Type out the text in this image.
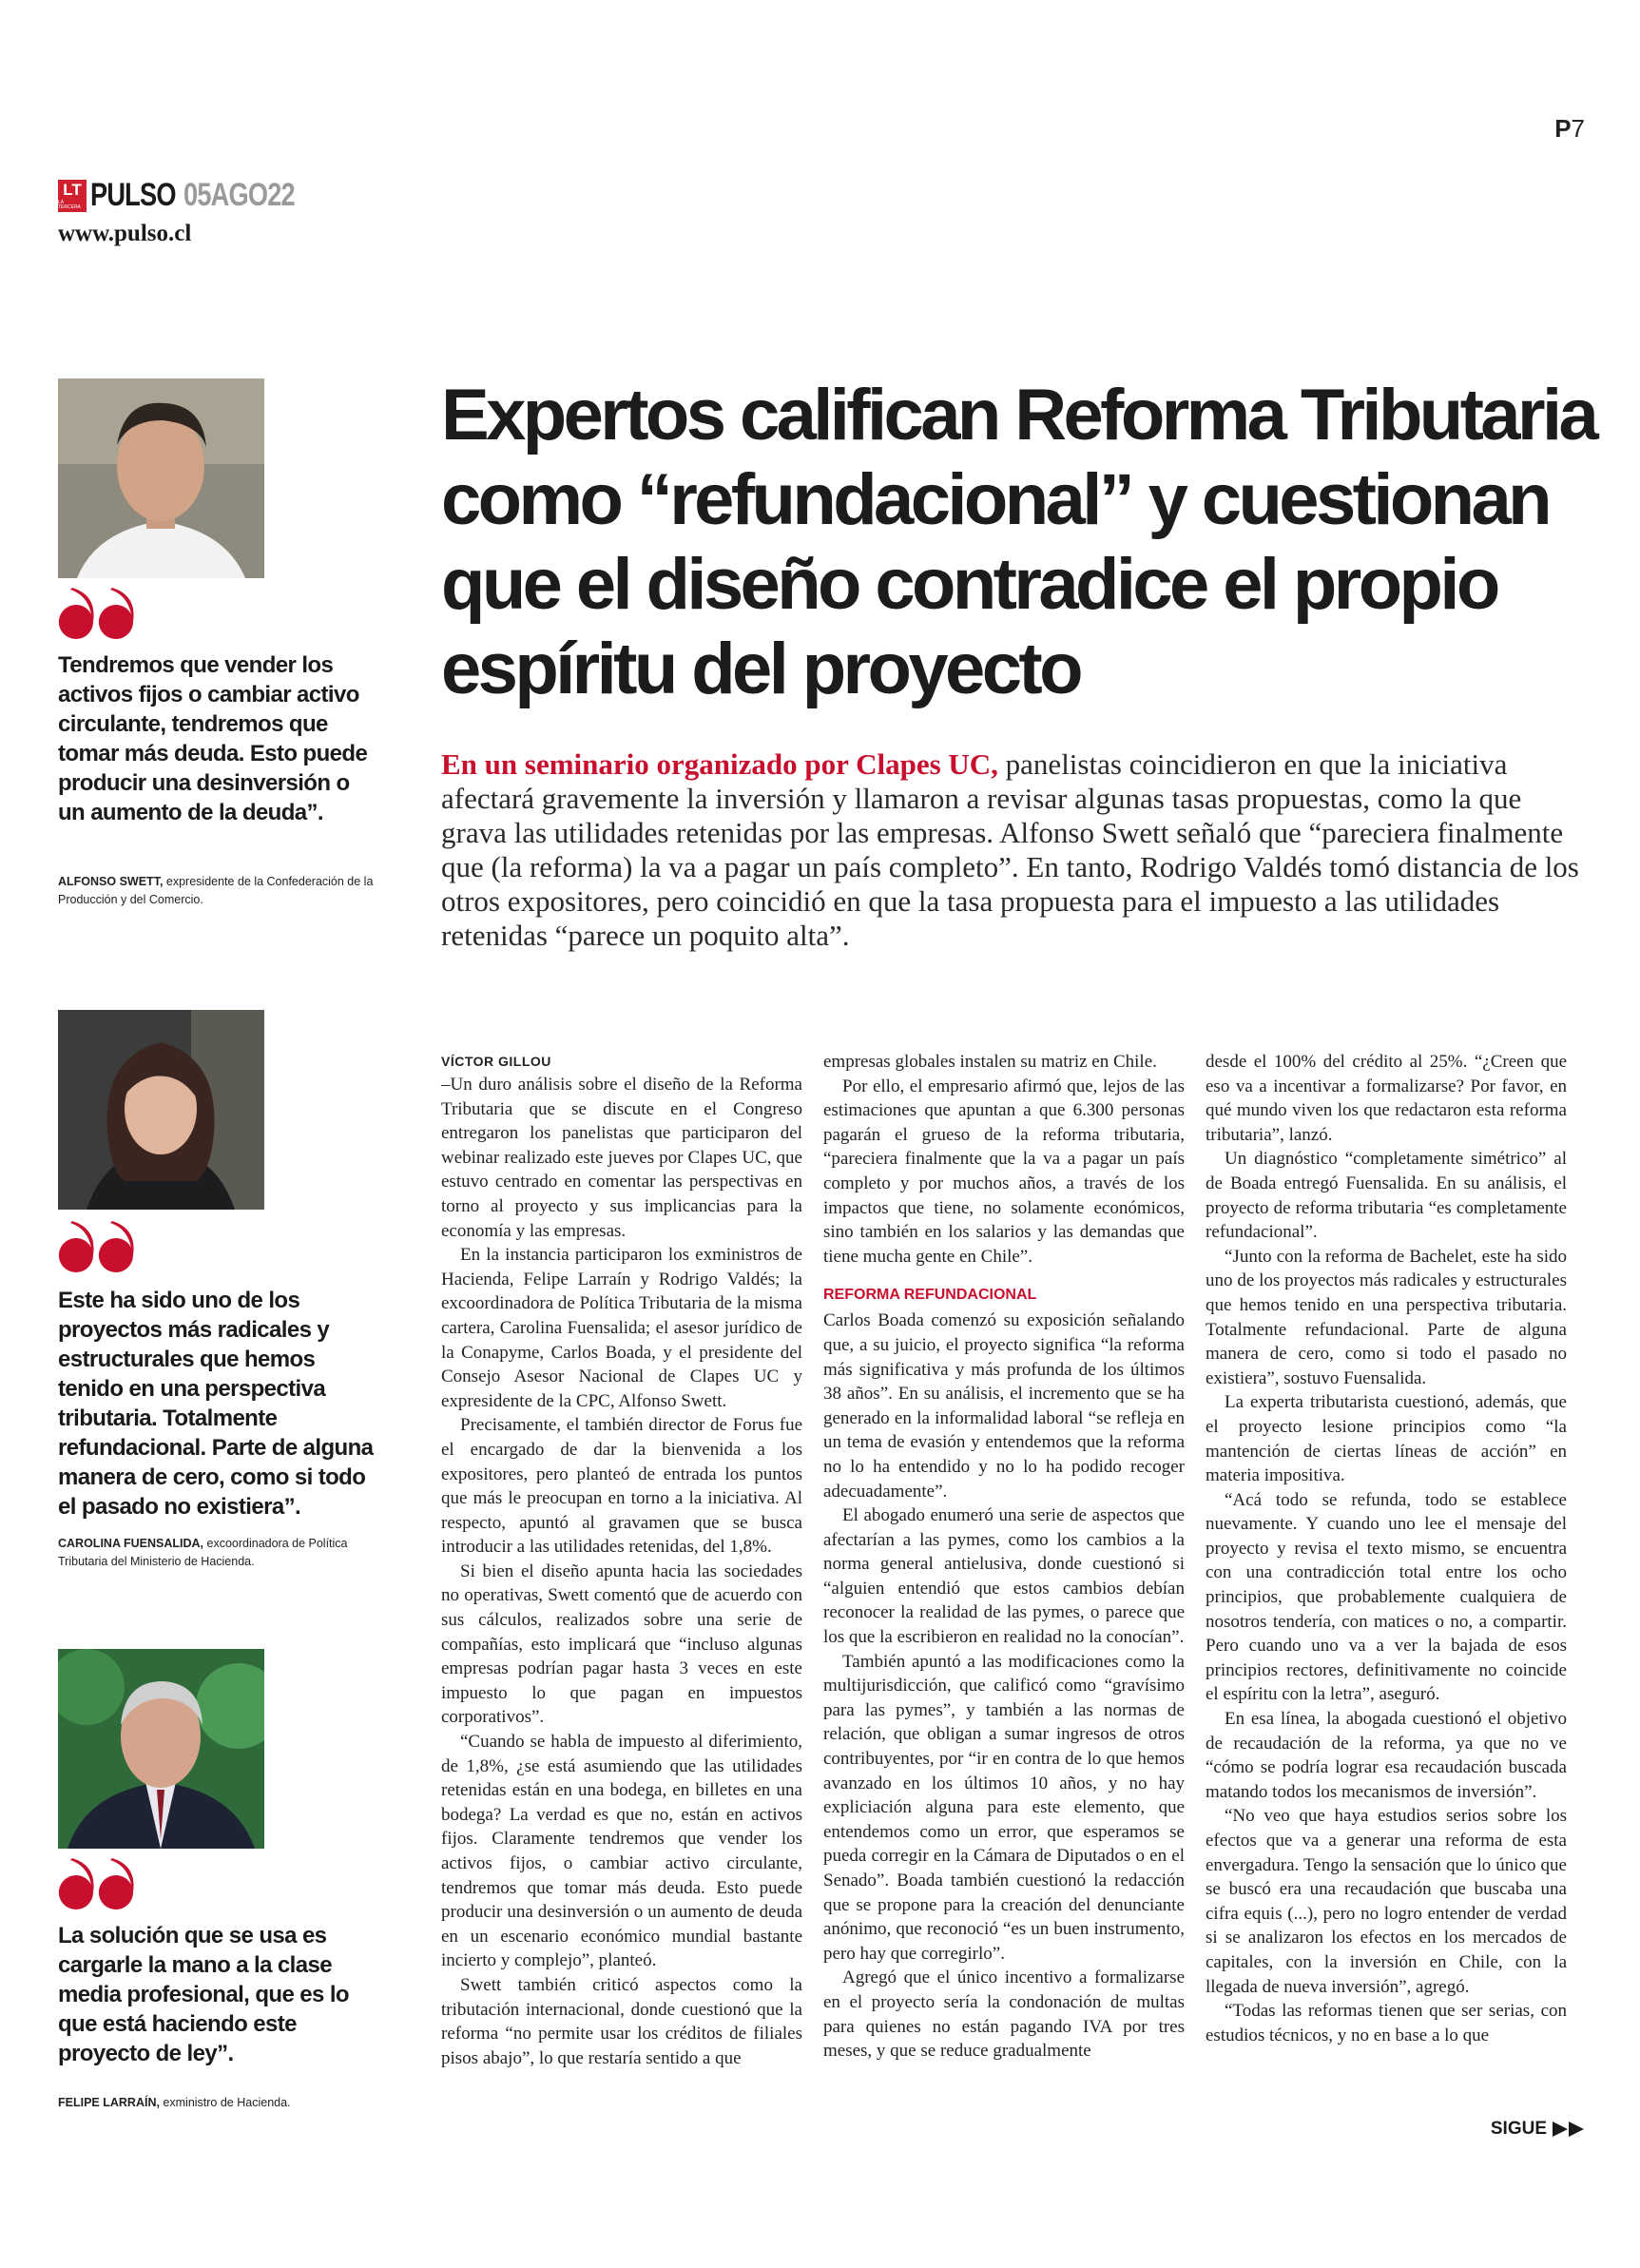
P7
LT
LA TERCERA PULSO 05AGO22
www.pulso.cl
Expertos califican Reforma Tributaria como “refundacional” y cuestionan que el diseño contradice el propio espíritu del proyecto

En un seminario organizado por Clapes UC, panelistas coincidieron en que la iniciativa afectará gravemente la inversión y llamaron a revisar algunas tasas propuestas, como la que grava las utilidades retenidas por las empresas. Alfonso Swett señaló que “pareciera finalmente que (la reforma) la va a pagar un país completo”. En tanto, Rodrigo Valdés tomó distancia de los otros expositores, pero coincidió en que la tasa propuesta para el impuesto a las utilidades retenidas “parece un poquito alta”.

Tendremos que vender los activos fijos o cambiar activo circulante, tendremos que tomar más deuda. Esto puede producir una desinversión o un aumento de la deuda”.

ALFONSO SWETT, expresidente de la Confederación de la Producción y del Comercio.

Este ha sido uno de los proyectos más radicales y estructurales que hemos tenido en una perspectiva tributaria. Totalmente refundacional. Parte de alguna manera de cero, como si todo el pasado no existiera”.

CAROLINA FUENSALIDA, excoordinadora de Política Tributaria del Ministerio de Hacienda.

La solución que se usa es cargarle la mano a la clase media profesional, que es lo que está haciendo este proyecto de ley”.

FELIPE LARRAÍN, exministro de Hacienda.

VÍCTOR GILLOU

–Un duro análisis sobre el diseño de la Reforma Tributaria que se discute en el Congreso entregaron los panelistas que participaron del webinar realizado este jueves por Clapes UC, que estuvo centrado en comentar las perspectivas en torno al proyecto y sus implicancias para la economía y las empresas.

En la instancia participaron los exministros de Hacienda, Felipe Larraín y Rodrigo Valdés; la excoordinadora de Política Tributaria de la misma cartera, Carolina Fuensalida; el asesor jurídico de la Conapyme, Carlos Boada, y el presidente del Consejo Asesor Nacional de Clapes UC y expresidente de la CPC, Alfonso Swett.

Precisamente, el también director de Forus fue el encargado de dar la bienvenida a los expositores, pero planteó de entrada los puntos que más le preocupan en torno a la iniciativa. Al respecto, apuntó al gravamen que se busca introducir a las utilidades retenidas, del 1,8%.

Si bien el diseño apunta hacia las sociedades no operativas, Swett comentó que de acuerdo con sus cálculos, realizados sobre una serie de compañías, esto implicará que “incluso algunas empresas podrían pagar hasta 3 veces en este impuesto lo que pagan en impuestos corporativos”.

“Cuando se habla de impuesto al diferimiento, de 1,8%, ¿se está asumiendo que las utilidades retenidas están en una bodega, en billetes en una bodega? La verdad es que no, están en activos fijos. Claramente tendremos que vender los activos fijos, o cambiar activo circulante, tendremos que tomar más deuda. Esto puede producir una desinversión o un aumento de deuda en un escenario económico mundial bastante incierto y complejo”, planteó.

Swett también criticó aspectos como la tributación internacional, donde cuestionó que la reforma “no permite usar los créditos de filiales pisos abajo”, lo que restaría sentido a que

empresas globales instalen su matriz en Chile.

Por ello, el empresario afirmó que, lejos de las estimaciones que apuntan a que 6.300 personas pagarán el grueso de la reforma tributaria, “pareciera finalmente que la va a pagar un país completo y por muchos años, a través de los impactos que tiene, no solamente económicos, sino también en los salarios y las demandas que tiene mucha gente en Chile”.

REFORMA REFUNDACIONAL

Carlos Boada comenzó su exposición señalando que, a su juicio, el proyecto significa “la reforma más significativa y más profunda de los últimos 38 años”. En su análisis, el incremento que se ha generado en la informalidad laboral “se refleja en un tema de evasión y entendemos que la reforma no lo ha entendido y no lo ha podido recoger adecuadamente”.

El abogado enumeró una serie de aspectos que afectarían a las pymes, como los cambios a la norma general antielusiva, donde cuestionó si “alguien entendió que estos cambios debían reconocer la realidad de las pymes, o parece que los que la escribieron en realidad no la conocían”.

También apuntó a las modificaciones como la multijurisdicción, que calificó como “gravísimo para las pymes”, y también a las normas de relación, que obligan a sumar ingresos de otros contribuyentes, por “ir en contra de lo que hemos avanzado en los últimos 10 años, y no hay expliciación alguna para este elemento, que entendemos como un error, que esperamos se pueda corregir en la Cámara de Diputados o en el Senado”. Boada también cuestionó la redacción que se propone para la creación del denunciante anónimo, que reconoció “es un buen instrumento, pero hay que corregirlo”.

Agregó que el único incentivo a formalizarse en el proyecto sería la condonación de multas para quienes no están pagando IVA por tres meses, y que se reduce gradualmente

desde el 100% del crédito al 25%. “¿Creen que eso va a incentivar a formalizarse? Por favor, en qué mundo viven los que redactaron esta reforma tributaria”, lanzó.

Un diagnóstico “completamente simétrico” al de Boada entregó Fuensalida. En su análisis, el proyecto de reforma tributaria “es completamente refundacional”.

“Junto con la reforma de Bachelet, este ha sido uno de los proyectos más radicales y estructurales que hemos tenido en una perspectiva tributaria. Totalmente refundacional. Parte de alguna manera de cero, como si todo el pasado no existiera”, sostuvo Fuensalida.

La experta tributarista cuestionó, además, que el proyecto lesione principios como “la mantención de ciertas líneas de acción” en materia impositiva.

“Acá todo se refunda, todo se establece nuevamente. Y cuando uno lee el mensaje del proyecto y revisa el texto mismo, se encuentra con una contradicción total entre los ocho principios, que probablemente cualquiera de nosotros tendería, con matices o no, a compartir. Pero cuando uno va a ver la bajada de esos principios rectores, definitivamente no coincide el espíritu con la letra”, aseguró.

En esa línea, la abogada cuestionó el objetivo de recaudación de la reforma, ya que no ve “cómo se podría lograr esa recaudación buscada matando todos los mecanismos de inversión”.

“No veo que haya estudios serios sobre los efectos que va a generar una reforma de esta envergadura. Tengo la sensación que lo único que se buscó era una recaudación que buscaba una cifra equis (...), pero no logro entender de verdad si se analizaron los efectos en los mercados de capitales, con la inversión en Chile, con la llegada de nueva inversión”, agregó.

“Todas las reformas tienen que ser serias, con estudios técnicos, y no en base a lo que

SIGUE
